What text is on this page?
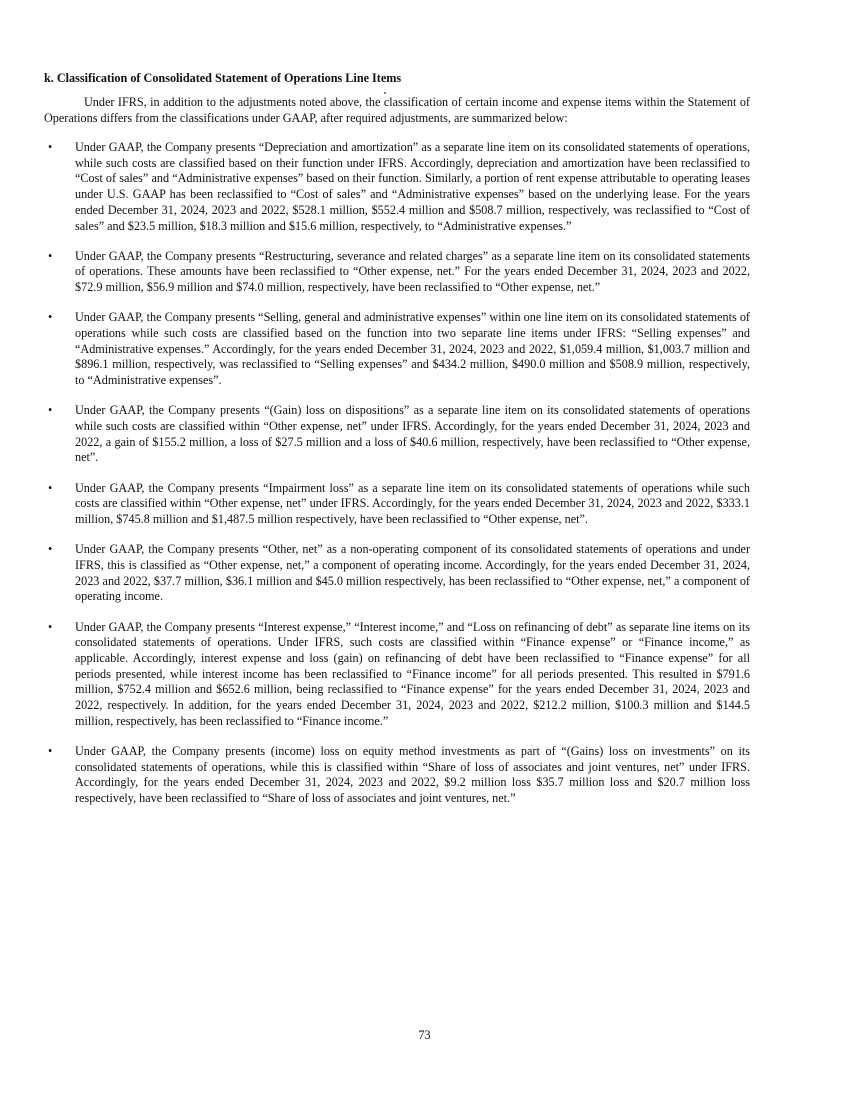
k. Classification of Consolidated Statement of Operations Line Items

Under IFRS, in addition to the adjustments noted above, the classification of certain income and expense items within the Statement of Operations differs from the classifications under GAAP, after required adjustments, are summarized below:

• Under GAAP, the Company presents “Depreciation and amortization” as a separate line item on its consolidated statements of operations, while such costs are classified based on their function under IFRS. Accordingly, depreciation and amortization have been reclassified to “Cost of sales” and “Administrative expenses” based on their function. Similarly, a portion of rent expense attributable to operating leases under U.S. GAAP has been reclassified to “Cost of sales” and “Administrative expenses” based on the underlying lease. For the years ended December 31, 2024, 2023 and 2022, $528.1 million, $552.4 million and $508.7 million, respectively, was reclassified to “Cost of sales” and $23.5 million, $18.3 million and $15.6 million, respectively, to “Administrative expenses.”
• Under GAAP, the Company presents “Restructuring, severance and related charges” as a separate line item on its consolidated statements of operations. These amounts have been reclassified to “Other expense, net.” For the years ended December 31, 2024, 2023 and 2022, $72.9 million, $56.9 million and $74.0 million, respectively, have been reclassified to “Other expense, net.”
• Under GAAP, the Company presents “Selling, general and administrative expenses” within one line item on its consolidated statements of operations while such costs are classified based on the function into two separate line items under IFRS: “Selling expenses” and “Administrative expenses.” Accordingly, for the years ended December 31, 2024, 2023 and 2022, $1,059.4 million, $1,003.7 million and $896.1 million, respectively, was reclassified to “Selling expenses” and $434.2 million, $490.0 million and $508.9 million, respectively, to “Administrative expenses”.
• Under GAAP, the Company presents “(Gain) loss on dispositions” as a separate line item on its consolidated statements of operations while such costs are classified within “Other expense, net” under IFRS. Accordingly, for the years ended December 31, 2024, 2023 and 2022, a gain of $155.2 million, a loss of $27.5 million and a loss of $40.6 million, respectively, have been reclassified to “Other expense, net”.
• Under GAAP, the Company presents “Impairment loss” as a separate line item on its consolidated statements of operations while such costs are classified within “Other expense, net” under IFRS. Accordingly, for the years ended December 31, 2024, 2023 and 2022, $333.1 million, $745.8 million and $1,487.5 million respectively, have been reclassified to “Other expense, net”.
• Under GAAP, the Company presents “Other, net” as a non-operating component of its consolidated statements of operations and under IFRS, this is classified as “Other expense, net,” a component of operating income. Accordingly, for the years ended December 31, 2024, 2023 and 2022, $37.7 million, $36.1 million and $45.0 million respectively, has been reclassified to “Other expense, net,” a component of operating income.
• Under GAAP, the Company presents “Interest expense,” “Interest income,” and “Loss on refinancing of debt” as separate line items on its consolidated statements of operations. Under IFRS, such costs are classified within “Finance expense” or “Finance income,” as applicable. Accordingly, interest expense and loss (gain) on refinancing of debt have been reclassified to “Finance expense” for all periods presented, while interest income has been reclassified to “Finance income” for all periods presented. This resulted in $791.6 million, $752.4 million and $652.6 million, being reclassified to “Finance expense” for the years ended December 31, 2024, 2023 and 2022, respectively. In addition, for the years ended December 31, 2024, 2023 and 2022, $212.2 million, $100.3 million and $144.5 million, respectively, has been reclassified to “Finance income.”
• Under GAAP, the Company presents (income) loss on equity method investments as part of “(Gains) loss on investments” on its consolidated statements of operations, while this is classified within “Share of loss of associates and joint ventures, net” under IFRS. Accordingly, for the years ended December 31, 2024, 2023 and 2022, $9.2 million loss $35.7 million loss and $20.7 million loss respectively, have been reclassified to “Share of loss of associates and joint ventures, net.”
73
